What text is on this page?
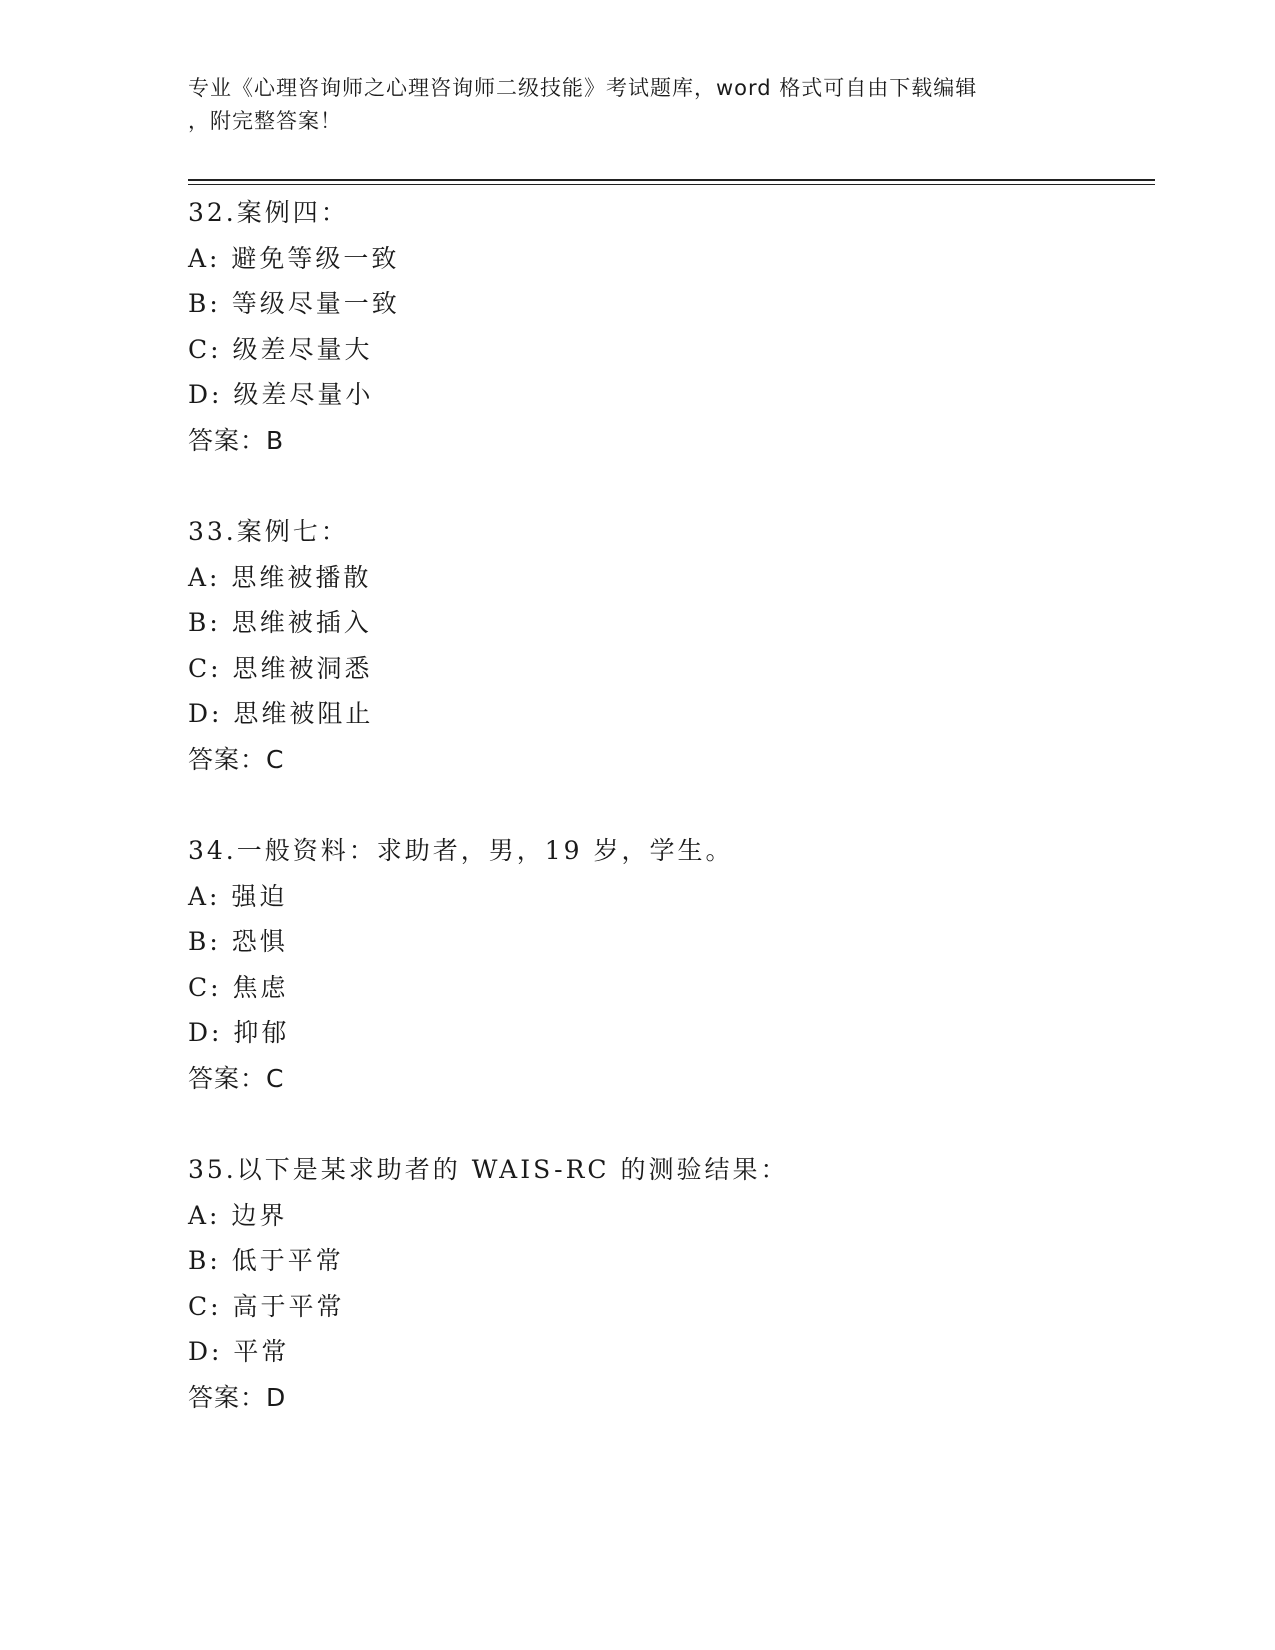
专业《心理咨询师之心理咨询师二级技能》考试题库，word 格式可自由下载编辑
，附完整答案！
32.案例四：
A: 避免等级一致
B: 等级尽量一致
C: 级差尽量大
D: 级差尽量小
答案：B
33.案例七：
A: 思维被播散
B: 思维被插入
C: 思维被洞悉
D: 思维被阻止
答案：C
34.一般资料：求助者，男，19 岁，学生。
A: 强迫
B: 恐惧
C: 焦虑
D: 抑郁
答案：C
35.以下是某求助者的 WAIS-RC 的测验结果：
A: 边界
B: 低于平常
C: 高于平常
D: 平常
答案：D
